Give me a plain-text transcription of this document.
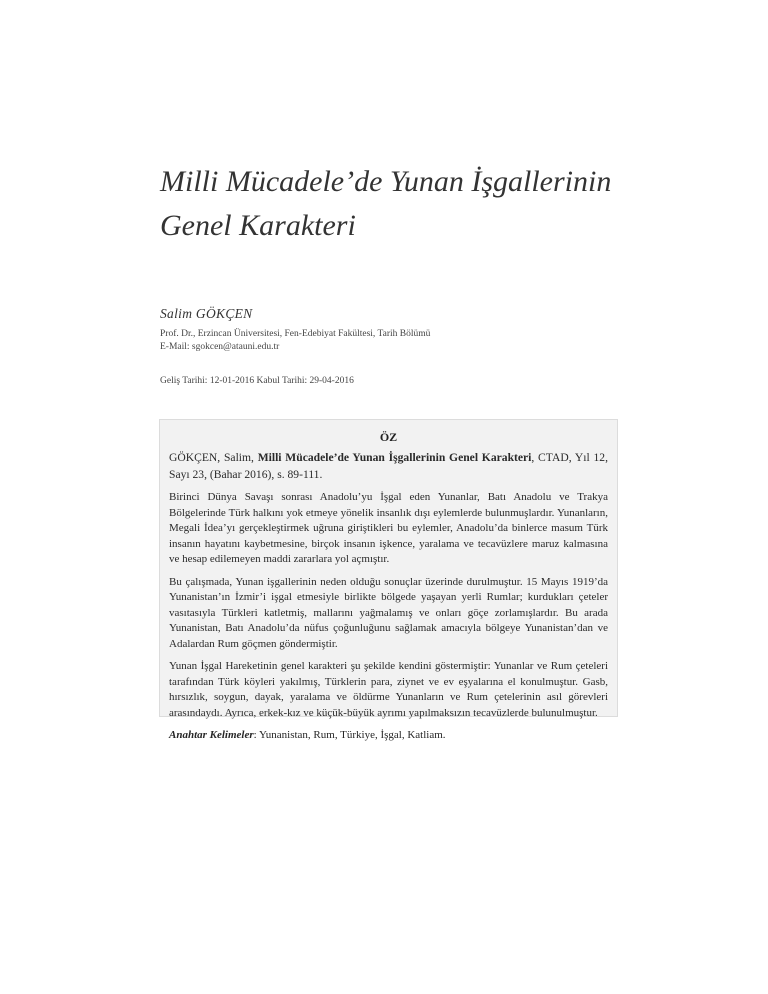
Milli Mücadele’de Yunan İşgallerinin Genel Karakteri

Salim GÖKÇEN

Prof. Dr., Erzincan Üniversitesi, Fen-Edebiyat Fakültesi, Tarih Bölümü
E-Mail: sgokcen@atauni.edu.tr
Geliş Tarihi: 12-01-2016 Kabul Tarihi: 29-04-2016

ÖZ

GÖKÇEN, Salim, Milli Mücadele’de Yunan İşgallerinin Genel Karakteri, CTAD, Yıl 12, Sayı 23, (Bahar 2016), s. 89-111.

Birinci Dünya Savaşı sonrası Anadolu’yu İşgal eden Yunanlar, Batı Anadolu ve Trakya Bölgelerinde Türk halkını yok etmeye yönelik insanlık dışı eylemlerde bulunmuşlardır. Yunanların, Megali İdea’yı gerçekleştirmek uğruna giriştikleri bu eylemler, Anadolu’da binlerce masum Türk insanın hayatını kaybetmesine, birçok insanın işkence, yaralama ve tecavüzlere maruz kalmasına ve hesap edilemeyen maddi zararlara yol açmıştır.

Bu çalışmada, Yunan işgallerinin neden olduğu sonuçlar üzerinde durulmuştur. 15 Mayıs 1919’da Yunanistan’ın İzmir’i işgal etmesiyle birlikte bölgede yaşayan yerli Rumlar; kurdukları çeteler vasıtasıyla Türkleri katletmiş, mallarını yağmalamış ve onları göçe zorlamışlardır. Bu arada Yunanistan, Batı Anadolu’da nüfus çoğunluğunu sağlamak amacıyla bölgeye Yunanistan’dan ve Adalardan Rum göçmen göndermiştir.

Yunan İşgal Hareketinin genel karakteri şu şekilde kendini göstermiştir: Yunanlar ve Rum çeteleri tarafından Türk köyleri yakılmış, Türklerin para, ziynet ve ev eşyalarına el konulmuştur. Gasb, hırsızlık, soygun, dayak, yaralama ve öldürme Yunanların ve Rum çetelerinin asıl görevleri arasındaydı. Ayrıca, erkek-kız ve küçük-büyük ayrımı yapılmaksızın tecavüzlerde bulunulmuştur.

Anahtar Kelimeler: Yunanistan, Rum, Türkiye, İşgal, Katliam.
